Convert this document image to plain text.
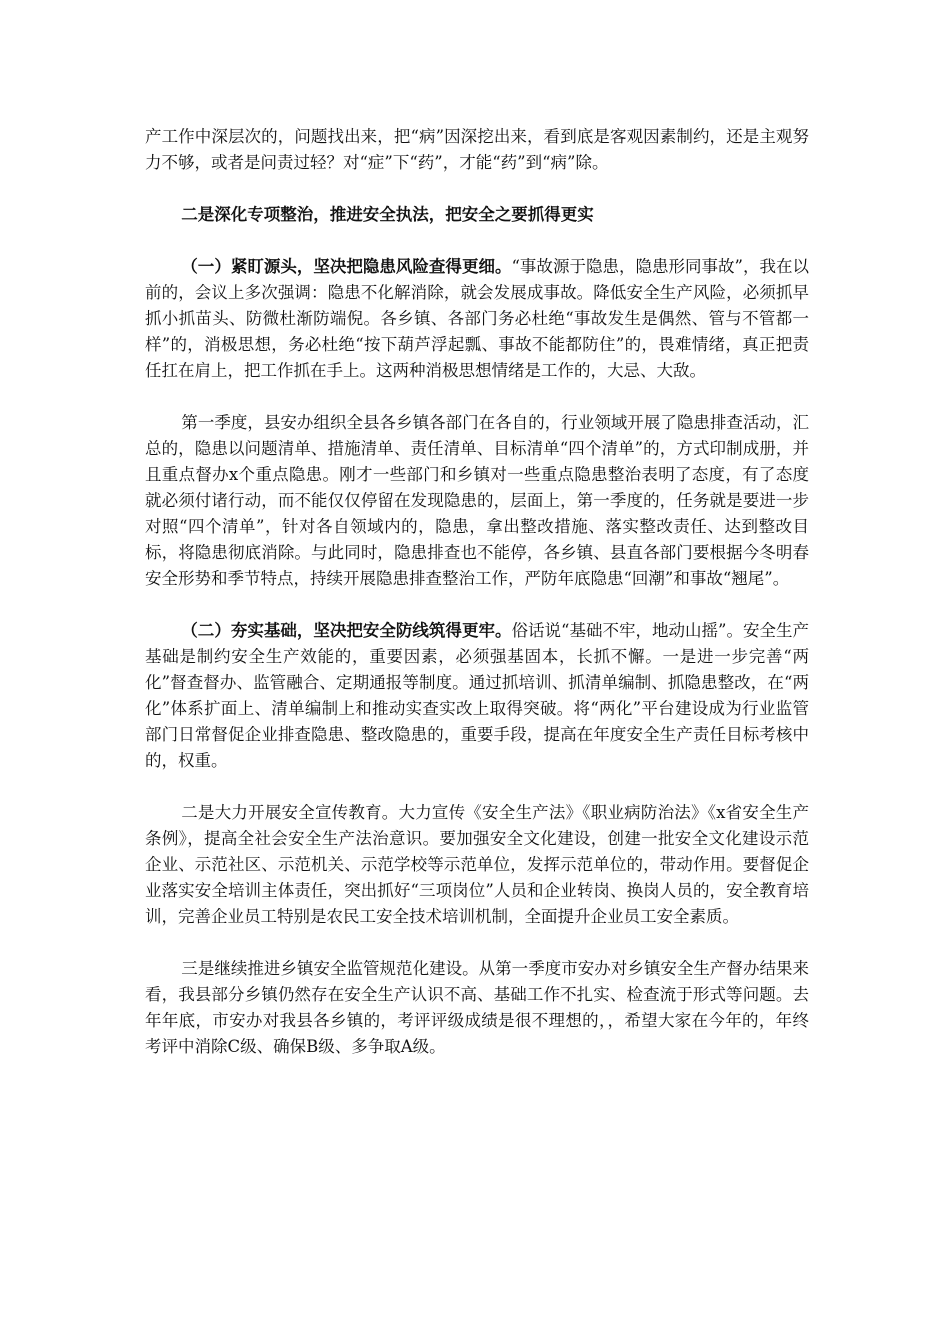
产工作中深层次的，问题找出来，把“病”因深挖出来，看到底是客观因素制约，还是主观努力不够，或者是问责过轻？对“症”下“药”，才能“药”到“病”除。

二是深化专项整治，推进安全执法，把安全之要抓得更实

（一）紧盯源头，坚决把隐患风险查得更细。“事故源于隐患，隐患形同事故”，我在以前的，会议上多次强调：隐患不化解消除，就会发展成事故。降低安全生产风险，必须抓早抓小抓苗头、防微杜渐防端倪。各乡镇、各部门务必杜绝“事故发生是偶然、管与不管都一样”的，消极思想，务必杜绝“按下葫芦浮起瓢、事故不能都防住”的，畏难情绪，真正把责任扛在肩上，把工作抓在手上。这两种消极思想情绪是工作的，大忌、大敌。

第一季度，县安办组织全县各乡镇各部门在各自的，行业领域开展了隐患排查活动，汇总的，隐患以问题清单、措施清单、责任清单、目标清单“四个清单”的，方式印制成册，并且重点督办x个重点隐患。刚才一些部门和乡镇对一些重点隐患整治表明了态度，有了态度就必须付诸行动，而不能仅仅停留在发现隐患的，层面上，第一季度的，任务就是要进一步对照“四个清单”，针对各自领域内的，隐患，拿出整改措施、落实整改责任、达到整改目标，将隐患彻底消除。与此同时，隐患排查也不能停，各乡镇、县直各部门要根据今冬明春安全形势和季节特点，持续开展隐患排查整治工作，严防年底隐患“回潮”和事故“翘尾”。

（二）夯实基础，坚决把安全防线筑得更牢。俗话说“基础不牢，地动山摇”。安全生产基础是制约安全生产效能的，重要因素，必须强基固本，长抓不懈。一是进一步完善“两化”督查督办、监管融合、定期通报等制度。通过抓培训、抓清单编制、抓隐患整改，在“两化”体系扩面上、清单编制上和推动实查实改上取得突破。将“两化”平台建设成为行业监管部门日常督促企业排查隐患、整改隐患的，重要手段，提高在年度安全生产责任目标考核中的，权重。

二是大力开展安全宣传教育。大力宣传《安全生产法》《职业病防治法》《x省安全生产条例》，提高全社会安全生产法治意识。要加强安全文化建设，创建一批安全文化建设示范企业、示范社区、示范机关、示范学校等示范单位，发挥示范单位的，带动作用。要督促企业落实安全培训主体责任，突出抓好“三项岗位”人员和企业转岗、换岗人员的，安全教育培训，完善企业员工特别是农民工安全技术培训机制，全面提升企业员工安全素质。

三是继续推进乡镇安全监管规范化建设。从第一季度市安办对乡镇安全生产督办结果来看，我县部分乡镇仍然存在安全生产认识不高、基础工作不扎实、检查流于形式等问题。去年年底，市安办对我县各乡镇的，考评评级成绩是很不理想的，，希望大家在今年的，年终考评中消除C级、确保B级、多争取A级。
